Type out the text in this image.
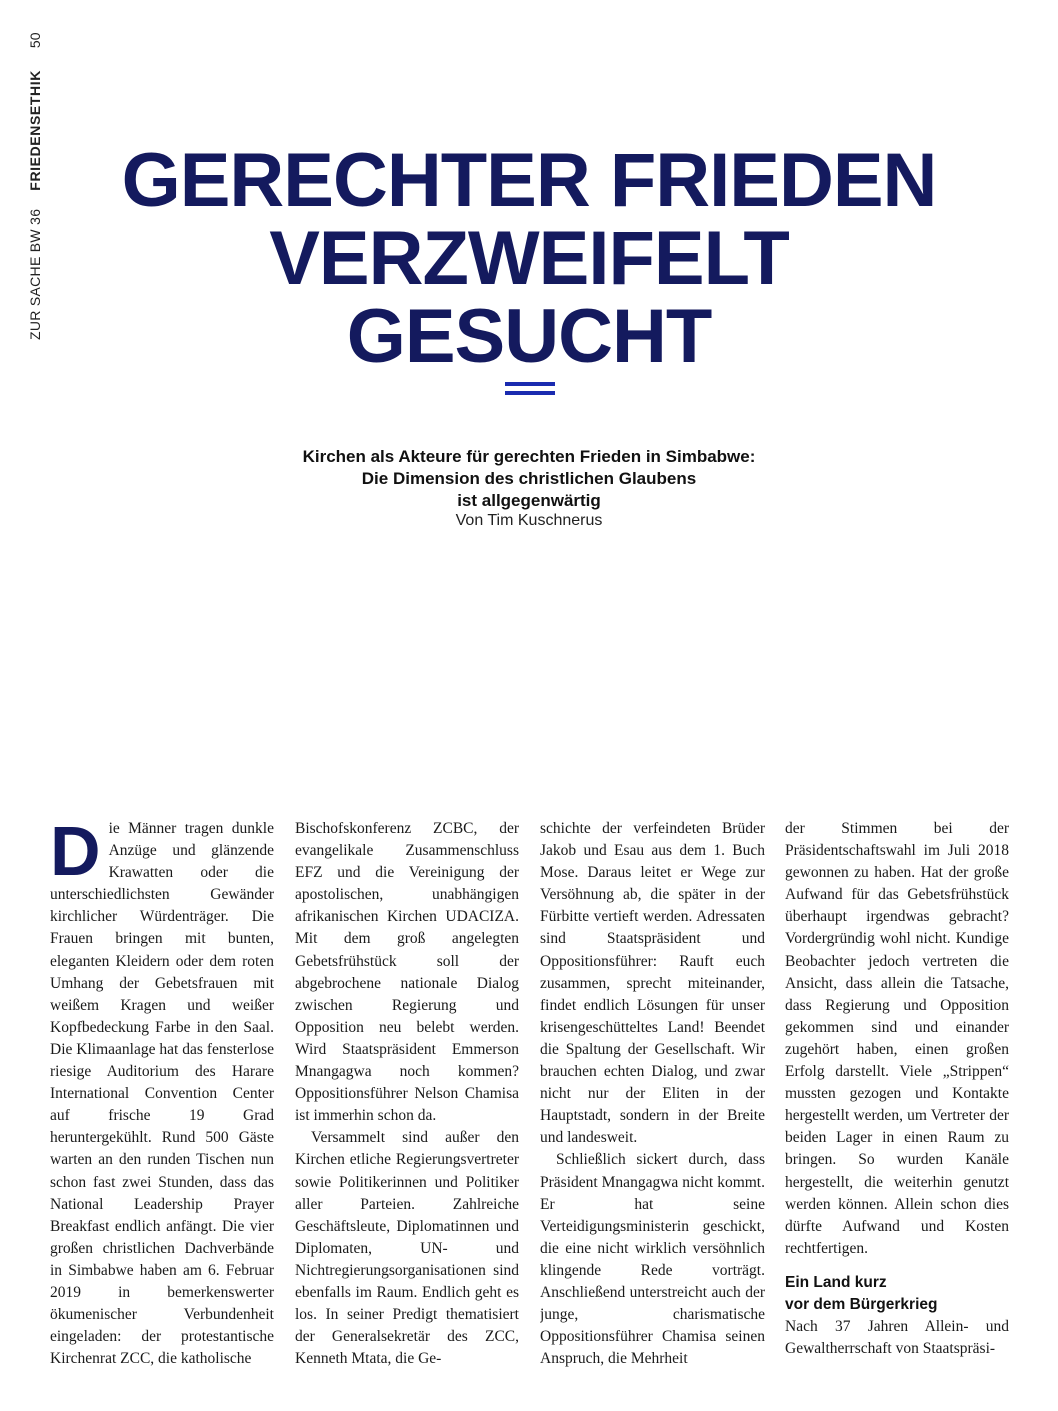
ZUR SACHE BW 36
FRIEDENSETHIK
50
GERECHTER FRIEDEN
VERZWEIFELT
GESUCHT
Kirchen als Akteure für gerechten Frieden in Simbabwe:
Die Dimension des christlichen Glaubens
ist allgegenwärtig
Von Tim Kuschnerus
D ie Männer tragen dunkle Anzüge und glänzende Krawatten oder die unterschiedlichsten Gewänder kirchlicher Würdenträger. Die Frauen bringen mit bunten, eleganten Kleidern oder dem roten Umhang der Gebetsfrauen mit weißem Kragen und weißer Kopfbedeckung Farbe in den Saal. Die Klimaanlage hat das fensterlose riesige Auditorium des Harare International Convention Center auf frische 19 Grad heruntergekühlt. Rund 500 Gäste warten an den runden Tischen nun schon fast zwei Stunden, dass das National Leadership Prayer Breakfast endlich anfängt. Die vier großen christlichen Dachverbände in Simbabwe haben am 6. Februar 2019 in bemerkenswerter ökumenischer Verbundenheit eingeladen: der protestantische Kirchenrat ZCC, die katholische

Bischofskonferenz ZCBC, der evangelikale Zusammenschluss EFZ und die Vereinigung der apostolischen, unabhängigen afrikanischen Kirchen UDACIZA. Mit dem groß angelegten Gebetsfrühstück soll der abgebrochene nationale Dialog zwischen Regierung und Opposition neu belebt werden. Wird Staatspräsident Emmerson Mnangagwa noch kommen? Oppositionsführer Nelson Chamisa ist immerhin schon da.

Versammelt sind außer den Kirchen etliche Regierungsvertreter sowie Politikerinnen und Politiker aller Parteien. Zahlreiche Geschäftsleute, Diplomatinnen und Diplomaten, UN- und Nichtregierungsorganisationen sind ebenfalls im Raum. Endlich geht es los. In seiner Predigt thematisiert der Generalsekretär des ZCC, Kenneth Mtata, die Ge-

schichte der verfeindeten Brüder Jakob und Esau aus dem 1. Buch Mose. Daraus leitet er Wege zur Versöhnung ab, die später in der Fürbitte vertieft werden. Adressaten sind Staatspräsident und Oppositionsführer: Rauft euch zusammen, sprecht miteinander, findet endlich Lösungen für unser krisengeschütteltes Land! Beendet die Spaltung der Gesellschaft. Wir brauchen echten Dialog, und zwar nicht nur der Eliten in der Hauptstadt, sondern in der Breite und landesweit.

Schließlich sickert durch, dass Präsident Mnangagwa nicht kommt. Er hat seine Verteidigungsministerin geschickt, die eine nicht wirklich versöhnlich klingende Rede vorträgt. Anschließend unterstreicht auch der junge, charismatische Oppositionsführer Chamisa seinen Anspruch, die Mehrheit

der Stimmen bei der Präsidentschaftswahl im Juli 2018 gewonnen zu haben. Hat der große Aufwand für das Gebetsfrühstück überhaupt irgendwas gebracht? Vordergründig wohl nicht. Kundige Beobachter jedoch vertreten die Ansicht, dass allein die Tatsache, dass Regierung und Opposition gekommen sind und einander zugehört haben, einen großen Erfolg darstellt. Viele „Strippen“ mussten gezogen und Kontakte hergestellt werden, um Vertreter der beiden Lager in einen Raum zu bringen. So wurden Kanäle hergestellt, die weiterhin genutzt werden können. Allein schon dies dürfte Aufwand und Kosten rechtfertigen.

Ein Land kurz
vor dem Bürgerkrieg

Nach 37 Jahren Allein- und Gewaltherrschaft von Staatspräsi-
